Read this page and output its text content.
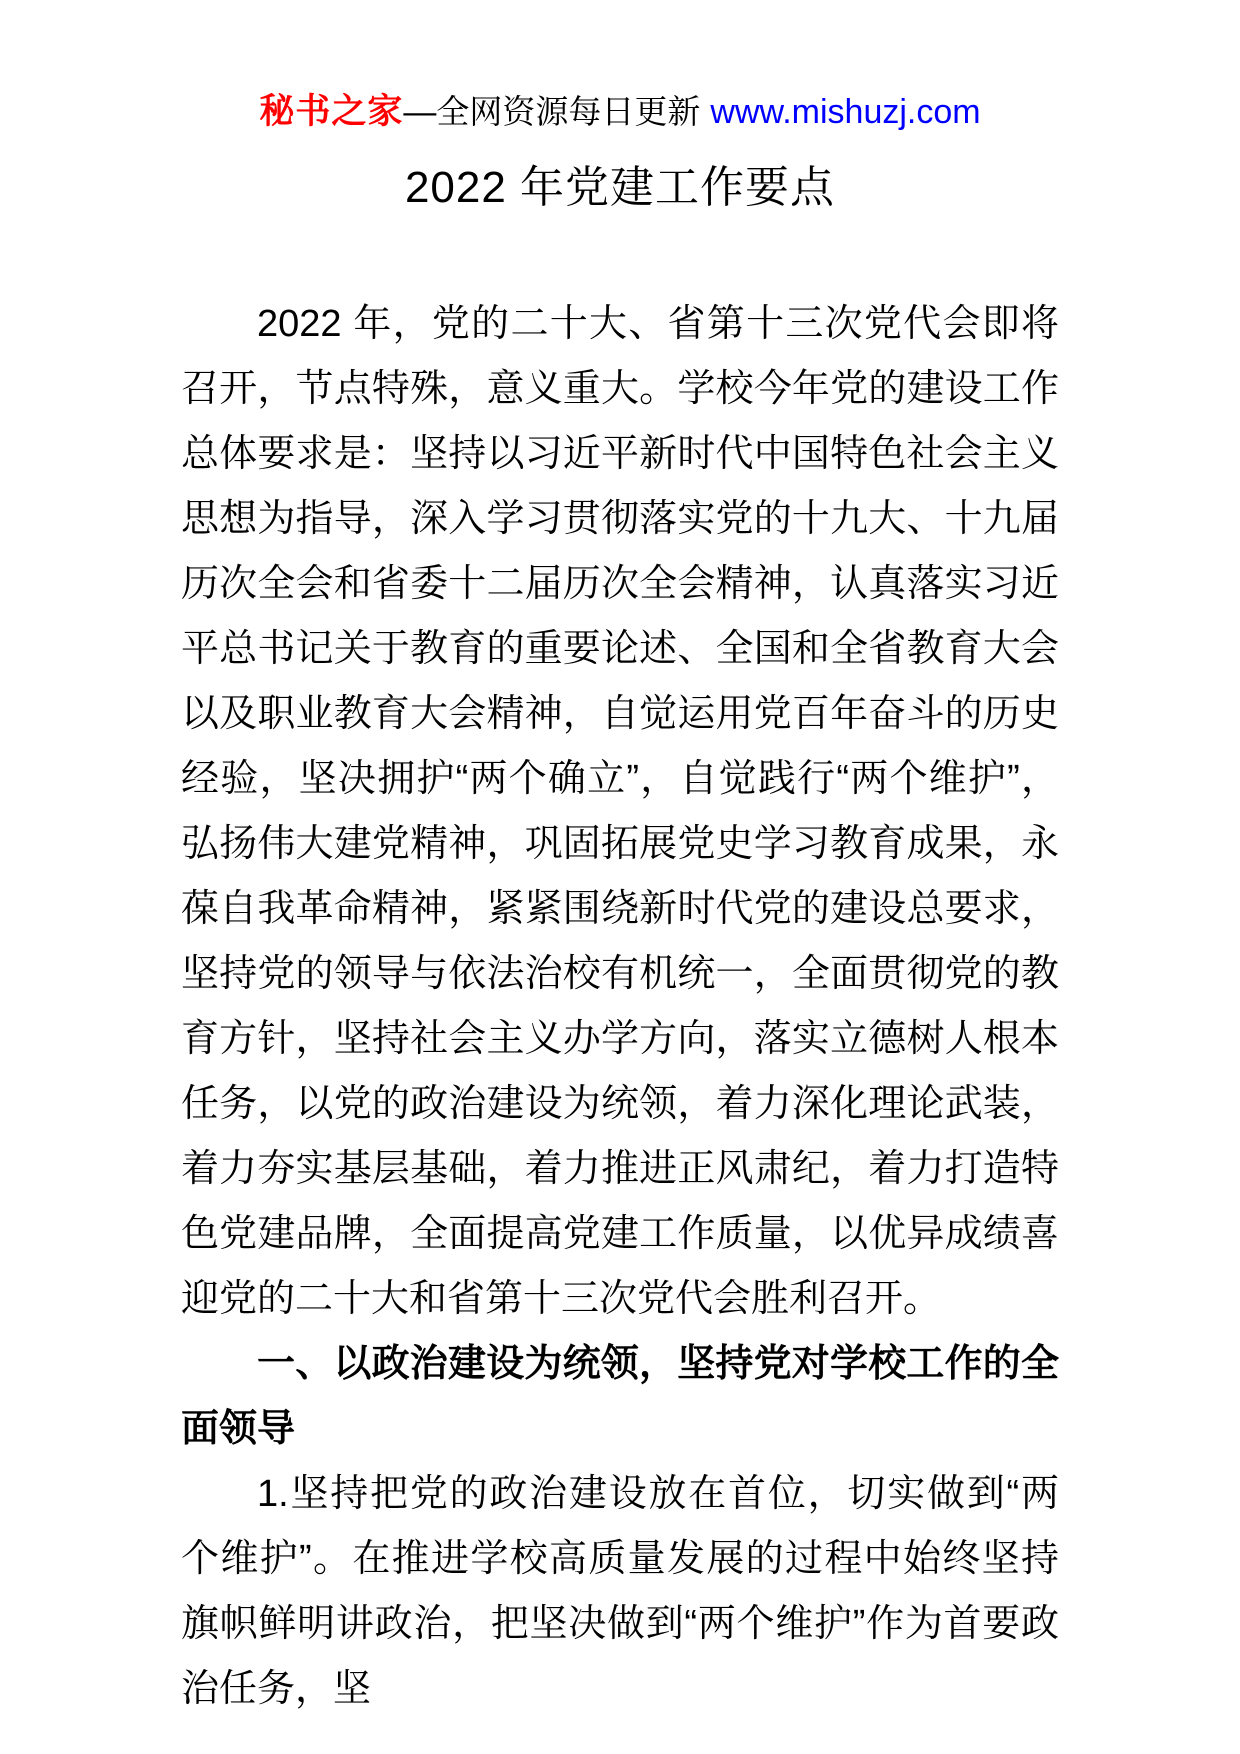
秘书之家—全网资源每日更新 www.mishuzj.com
2022 年党建工作要点

2022 年，党的二十大、省第十三次党代会即将召开，节点特殊，意义重大。学校今年党的建设工作总体要求是：坚持以习近平新时代中国特色社会主义思想为指导，深入学习贯彻落实党的十九大、十九届历次全会和省委十二届历次全会精神，认真落实习近平总书记关于教育的重要论述、全国和全省教育大会以及职业教育大会精神，自觉运用党百年奋斗的历史经验，坚决拥护“两个确立”，自觉践行“两个维护”，弘扬伟大建党精神，巩固拓展党史学习教育成果，永葆自我革命精神，紧紧围绕新时代党的建设总要求，坚持党的领导与依法治校有机统一，全面贯彻党的教育方针，坚持社会主义办学方向，落实立德树人根本任务，以党的政治建设为统领，着力深化理论武装，着力夯实基层基础，着力推进正风肃纪，着力打造特色党建品牌，全面提高党建工作质量，以优异成绩喜迎党的二十大和省第十三次党代会胜利召开。

一、以政治建设为统领，坚持党对学校工作的全面领导

1.坚持把党的政治建设放在首位，切实做到“两个维护”。在推进学校高质量发展的过程中始终坚持旗帜鲜明讲政治，把坚决做到“两个维护”作为首要政治任务，坚
